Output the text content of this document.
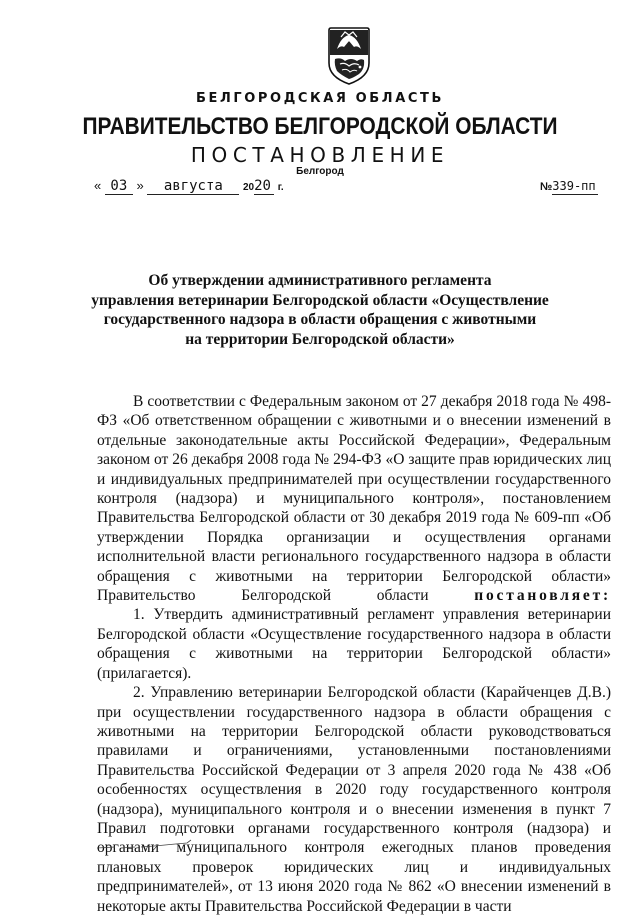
БЕЛГОРОДСКАЯ ОБЛАСТЬ
ПРАВИТЕЛЬСТВО БЕЛГОРОДСКОЙ ОБЛАСТИ
ПОСТАНОВЛЕНИЕ
Белгород
« 03 » августа 2020 г.	№339-пп
Об утверждении административного регламента
управления ветеринарии Белгородской области «Осуществление
государственного надзора в области обращения с животными
на территории Белгородской области»

В соответствии с Федеральным законом от 27 декабря 2018 года № 498-ФЗ «Об ответственном обращении с животными и о внесении изменений в отдельные законодательные акты Российской Федерации», Федеральным законом от 26 декабря 2008 года № 294-ФЗ «О защите прав юридических лиц и индивидуальных предпринимателей при осуществлении государственного контроля (надзора) и муниципального контроля», постановлением Правительства Белгородской области от 30 декабря 2019 года № 609-пп «Об утверждении Порядка организации и осуществления органами исполнительной власти регионального государственного надзора в области обращения с животными на территории Белгородской области» Правительство Белгородской области постановляет:

1. Утвердить административный регламент управления ветеринарии Белгородской области «Осуществление государственного надзора в области обращения с животными на территории Белгородской области» (прилагается).

2. Управлению ветеринарии Белгородской области (Карайченцев Д.В.) при осуществлении государственного надзора в области обращения с животными на территории Белгородской области руководствоваться правилами и ограничениями, установленными постановлениями Правительства Российской Федерации от 3 апреля 2020 года № 438 «Об особенностях осуществления в 2020 году государственного контроля (надзора), муниципального контроля и о внесении изменения в пункт 7 Правил подготовки органами государственного контроля (надзора) и органами муниципального контроля ежегодных планов проведения плановых проверок юридических лиц и индивидуальных предпринимателей», от 13 июня 2020 года № 862 «О внесении изменений в некоторые акты Правительства Российской Федерации в части
